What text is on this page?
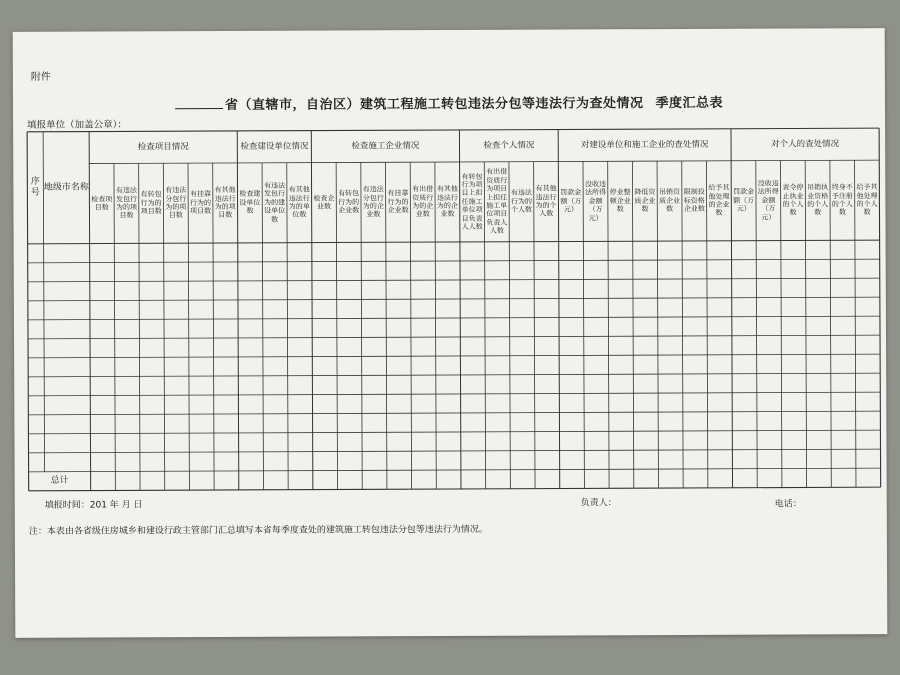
附件
省（直辖市，自治区）建筑工程施工转包违法分包等违法行为查处情况 季度汇总表
填报单位（加盖公章）：
序号
地级市名称
检查项目情况
检查项目数
有违法发包行为的项目数
有转包行为的项目数
有违法分包行为的项目数
有挂靠行为的项目数
有其他违法行为的项目数
检查建设单位情况
检查建设单位数
有违法发包行为的建设单位数
有其他违法行为的单位数
检查施工企业情况
检查企业数
有转包行为的企业数
有违法分包行为的企业数
有挂靠行为的企业数
有出借资质行为的企业数
有其他违法行为的企业数
检查个人情况
有转包行为项目上担任施工单位项目负责人人数
有出借资质行为项目上担任施工单位项目负责人人数
有违法行为的个人数
有其他违法行为的个人数
对建设单位和施工企业的查处情况
罚款金额（万元）
没收违法所得金额（万元）
停业整顿企业数
降低资质企业数
吊销资质企业数
限制投标资格企业数
给予其他处理的企业数
对个人的查处情况
罚款金额（万元）
没收违法所得金额（万元）
责令停止执业的个人数
吊销执业资格的个人数
终身不予注册的个人数
给予其他处理的个人数
总计
填报时间：201 年 月 日	负责人：	电话：
注：本表由各省级住房城乡和建设行政主管部门汇总填写本省每季度查处的建筑施工转包违法分包等违法行为情况。
